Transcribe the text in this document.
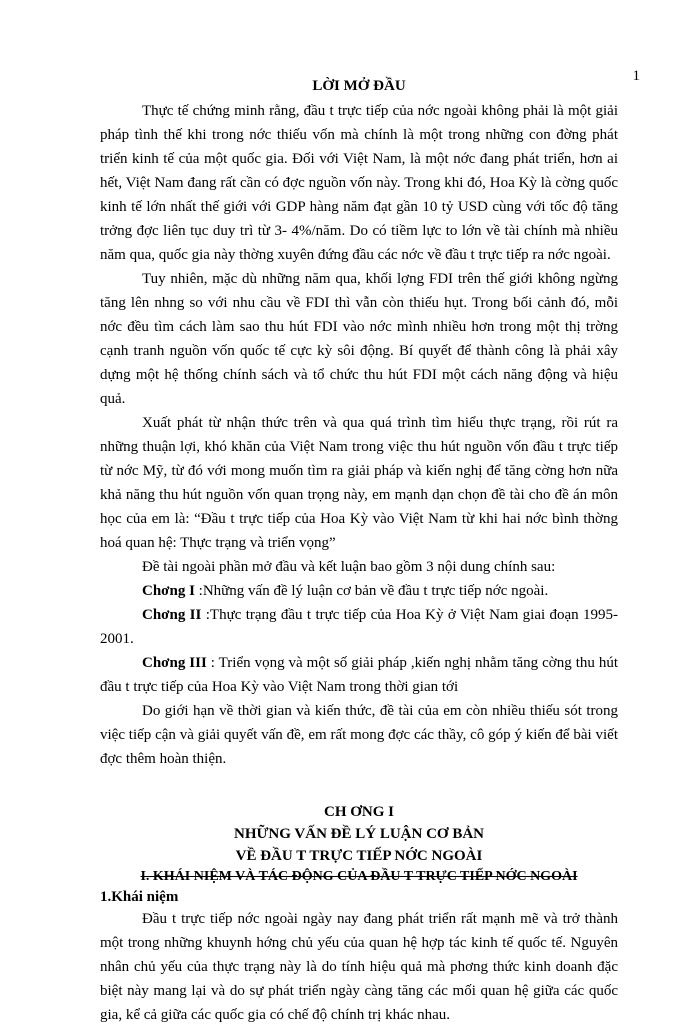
1
LỜI MỞ ĐẦU

Thực tế chứng minh rằng, đầu t trực tiếp của nớc ngoài không phải là một giải pháp tình thế khi trong nớc thiếu vốn mà chính là một trong những con đờng phát triển kinh tế của một quốc gia. Đối với Việt Nam, là một nớc đang phát triển, hơn ai hết, Việt Nam đang rất cần có đợc nguồn vốn này. Trong khi đó, Hoa Kỳ là cờng quốc kinh tế lớn nhất thế giới với GDP hàng năm đạt gần 10 tỷ USD cùng với tốc độ tăng trởng đợc liên tục duy trì từ 3- 4%/năm. Do có tiềm lực to lớn về tài chính mà nhiều năm qua, quốc gia này thờng xuyên đứng đầu các nớc về đầu t trực tiếp ra nớc ngoài.

Tuy nhiên, mặc dù những năm qua, khối lợng FDI trên thế giới không ngừng tăng lên nhng so với nhu cầu về FDI thì vẫn còn thiếu hụt. Trong bối cảnh đó, mỗi nớc đều tìm cách làm sao thu hút FDI vào nớc mình nhiều hơn trong một thị trờng cạnh tranh nguồn vốn quốc tế cực kỳ sôi động. Bí quyết để thành công là phải xây dựng một hệ thống chính sách và tổ chức thu hút FDI một cách năng động và hiệu quả.

Xuất phát từ nhận thức trên và qua quá trình tìm hiểu thực trạng, rồi rút ra những thuận lợi, khó khăn của Việt Nam trong việc thu hút nguồn vốn đầu t trực tiếp từ nớc Mỹ, từ đó với mong muốn tìm ra giải pháp và kiến nghị để tăng cờng hơn nữa khả năng thu hút nguồn vốn quan trọng này, em mạnh dạn chọn đề tài cho đề án môn học của em là: “Đầu t trực tiếp của Hoa Kỳ vào Việt Nam từ khi hai nớc bình thờng hoá quan hệ: Thực trạng và triển vọng”

Đề tài ngoài phần mở đầu và kết luận bao gồm 3 nội dung chính sau:

Chơng I :Những vấn đề lý luận cơ bản về đầu t trực tiếp nớc ngoài.

Chơng II :Thực trạng đầu t trực tiếp của Hoa Kỳ ở Việt Nam giai đoạn 1995-2001.

Chơng III : Triển vọng và một số giải pháp ,kiến nghị nhằm tăng cờng thu hút đầu t trực tiếp của Hoa Kỳ vào Việt Nam trong thời gian tới

Do giới hạn về thời gian và kiến thức, đề tài của em còn nhiều thiếu sót trong việc tiếp cận và giải quyết vấn đề, em rất mong đợc các thầy, cô góp ý kiến để bài viết đợc thêm hoàn thiện.

CH ƠNG I

NHỮNG VẤN ĐỀ LÝ LUẬN CƠ BẢN

VỀ ĐẦU T TRỰC TIẾP NỚC NGOÀI

I. KHÁI NIỆM VÀ TÁC ĐỘNG CỦA ĐẦU T TRỰC TIẾP NỚC NGOÀI

1.Khái niệm

Đầu t trực tiếp nớc ngoài ngày nay đang phát triển rất mạnh mẽ và trở thành một trong những khuynh hớng chủ yếu của quan hệ hợp tác kinh tế quốc tế. Nguyên nhân chủ yếu của thực trạng này là do tính hiệu quả mà phơng thức kinh doanh đặc biệt này mang lại và do sự phát triển ngày càng tăng các mối quan hệ giữa các quốc gia, kể cả giữa các quốc gia có chế độ chính trị khác nhau.
